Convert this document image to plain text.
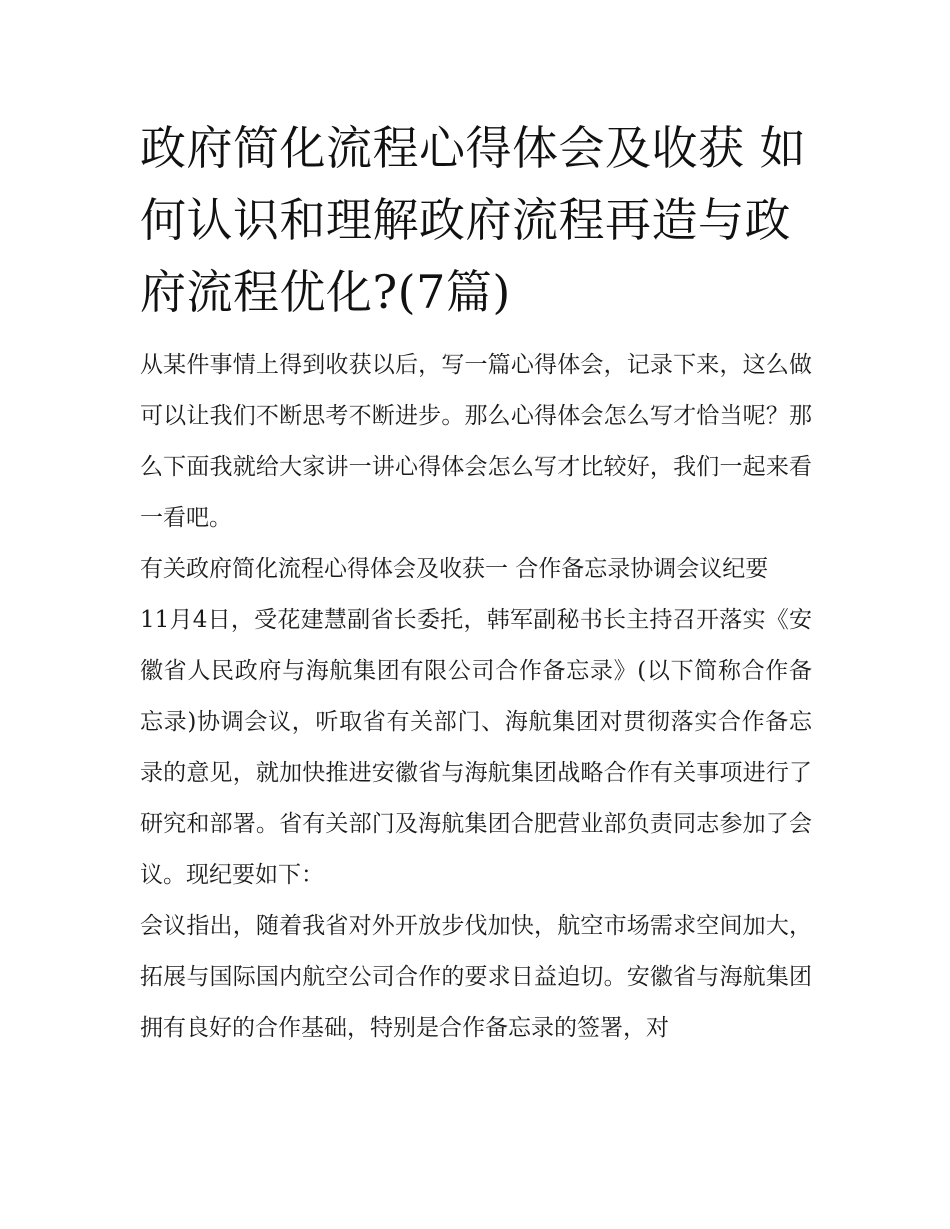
政府简化流程心得体会及收获 如何认识和理解政府流程再造与政府流程优化?(7篇)

从某件事情上得到收获以后，写一篇心得体会，记录下来，这么做可以让我们不断思考不断进步。那么心得体会怎么写才恰当呢？那么下面我就给大家讲一讲心得体会怎么写才比较好，我们一起来看一看吧。

有关政府简化流程心得体会及收获一 合作备忘录协调会议纪要

11月4日，受花建慧副省长委托，韩军副秘书长主持召开落实《安徽省人民政府与海航集团有限公司合作备忘录》(以下简称合作备忘录)协调会议，听取省有关部门、海航集团对贯彻落实合作备忘录的意见，就加快推进安徽省与海航集团战略合作有关事项进行了研究和部署。省有关部门及海航集团合肥营业部负责同志参加了会议。现纪要如下：

会议指出，随着我省对外开放步伐加快，航空市场需求空间加大，拓展与国际国内航空公司合作的要求日益迫切。安徽省与海航集团拥有良好的合作基础，特别是合作备忘录的签署，对
